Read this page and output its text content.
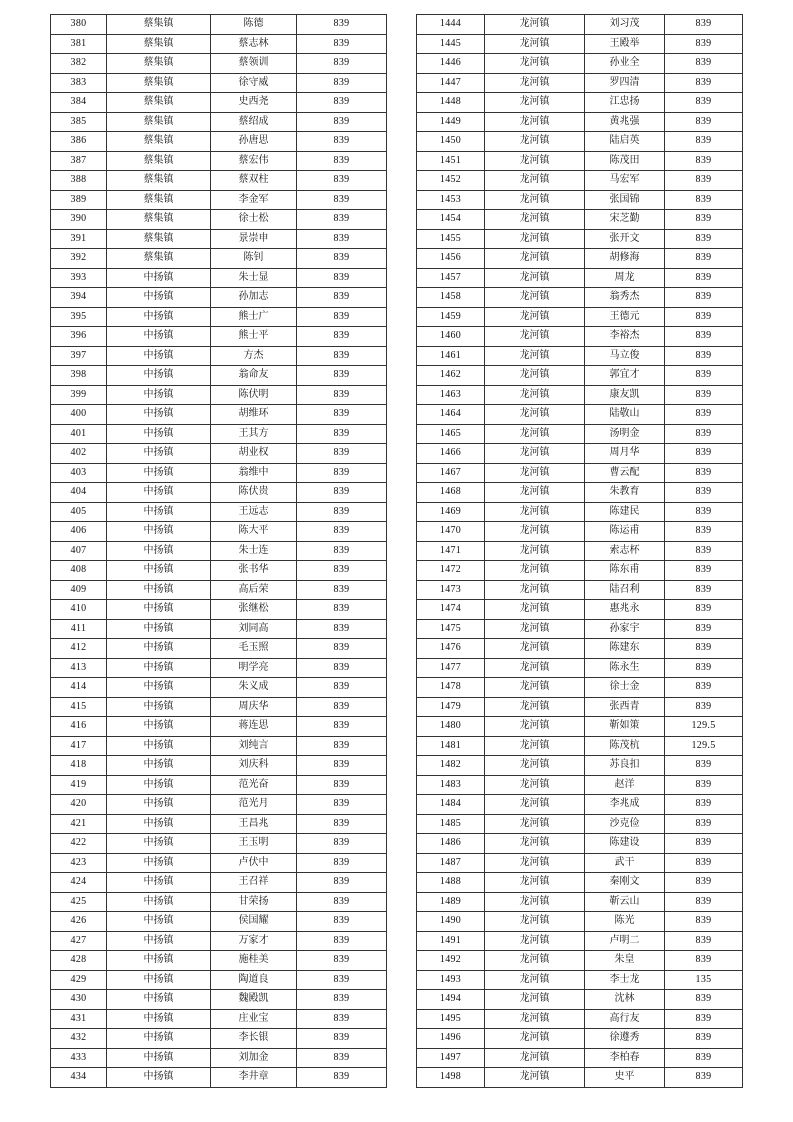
380	蔡集镇	陈德	839
381	蔡集镇	蔡志林	839
382	蔡集镇	蔡领训	839
383	蔡集镇	徐守威	839
384	蔡集镇	史西尧	839
385	蔡集镇	蔡绍成	839
386	蔡集镇	孙唐思	839
387	蔡集镇	蔡宏伟	839
388	蔡集镇	蔡双柱	839
389	蔡集镇	李金军	839
390	蔡集镇	徐士松	839
391	蔡集镇	景崇申	839
392	蔡集镇	陈钊	839
393	中扬镇	朱士显	839
394	中扬镇	孙加志	839
395	中扬镇	熊士广	839
396	中扬镇	熊士平	839
397	中扬镇	方杰	839
398	中扬镇	翁命友	839
399	中扬镇	陈伏明	839
400	中扬镇	胡维环	839
401	中扬镇	王其方	839
402	中扬镇	胡业权	839
403	中扬镇	翁维中	839
404	中扬镇	陈伏贵	839
405	中扬镇	王远志	839
406	中扬镇	陈大平	839
407	中扬镇	朱士连	839
408	中扬镇	张书华	839
409	中扬镇	高后荣	839
410	中扬镇	张继松	839
411	中扬镇	刘同高	839
412	中扬镇	毛玉照	839
413	中扬镇	明学亮	839
414	中扬镇	朱义成	839
415	中扬镇	周庆华	839
416	中扬镇	蒋连思	839
417	中扬镇	刘纯言	839
418	中扬镇	刘庆科	839
419	中扬镇	范光奋	839
420	中扬镇	范光月	839
421	中扬镇	王昌兆	839
422	中扬镇	王玉明	839
423	中扬镇	卢伏中	839
424	中扬镇	王召祥	839
425	中扬镇	甘荣扬	839
426	中扬镇	侯国耀	839
427	中扬镇	万家才	839
428	中扬镇	施桂美	839
429	中扬镇	陶道良	839
430	中扬镇	魏殿凯	839
431	中扬镇	庄业宝	839
432	中扬镇	李长银	839
433	中扬镇	刘加金	839
434	中扬镇	李井章	839
1444	龙河镇	刘习茂	839
1445	龙河镇	王殿举	839
1446	龙河镇	孙业全	839
1447	龙河镇	罗四清	839
1448	龙河镇	江忠扬	839
1449	龙河镇	黄兆强	839
1450	龙河镇	陆启英	839
1451	龙河镇	陈茂田	839
1452	龙河镇	马宏军	839
1453	龙河镇	张国锦	839
1454	龙河镇	宋芝勤	839
1455	龙河镇	张开文	839
1456	龙河镇	胡修海	839
1457	龙河镇	周龙	839
1458	龙河镇	翁秀杰	839
1459	龙河镇	王德元	839
1460	龙河镇	李裕杰	839
1461	龙河镇	马立俊	839
1462	龙河镇	郭宜才	839
1463	龙河镇	康友凯	839
1464	龙河镇	陆敬山	839
1465	龙河镇	汤明金	839
1466	龙河镇	周月华	839
1467	龙河镇	曹云配	839
1468	龙河镇	朱教育	839
1469	龙河镇	陈建民	839
1470	龙河镇	陈运甫	839
1471	龙河镇	索志杯	839
1472	龙河镇	陈东甫	839
1473	龙河镇	陆召利	839
1474	龙河镇	惠兆永	839
1475	龙河镇	孙家宇	839
1476	龙河镇	陈建东	839
1477	龙河镇	陈永生	839
1478	龙河镇	徐士金	839
1479	龙河镇	张西青	839
1480	龙河镇	靳如策	129.5
1481	龙河镇	陈茂杭	129.5
1482	龙河镇	苏良扣	839
1483	龙河镇	赵洋	839
1484	龙河镇	李兆成	839
1485	龙河镇	沙克俭	839
1486	龙河镇	陈建设	839
1487	龙河镇	武干	839
1488	龙河镇	秦刚文	839
1489	龙河镇	靳云山	839
1490	龙河镇	陈光	839
1491	龙河镇	卢明二	839
1492	龙河镇	朱皇	839
1493	龙河镇	李士龙	135
1494	龙河镇	沈林	839
1495	龙河镇	高行友	839
1496	龙河镇	徐遵秀	839
1497	龙河镇	李柏春	839
1498	龙河镇	史平	839
